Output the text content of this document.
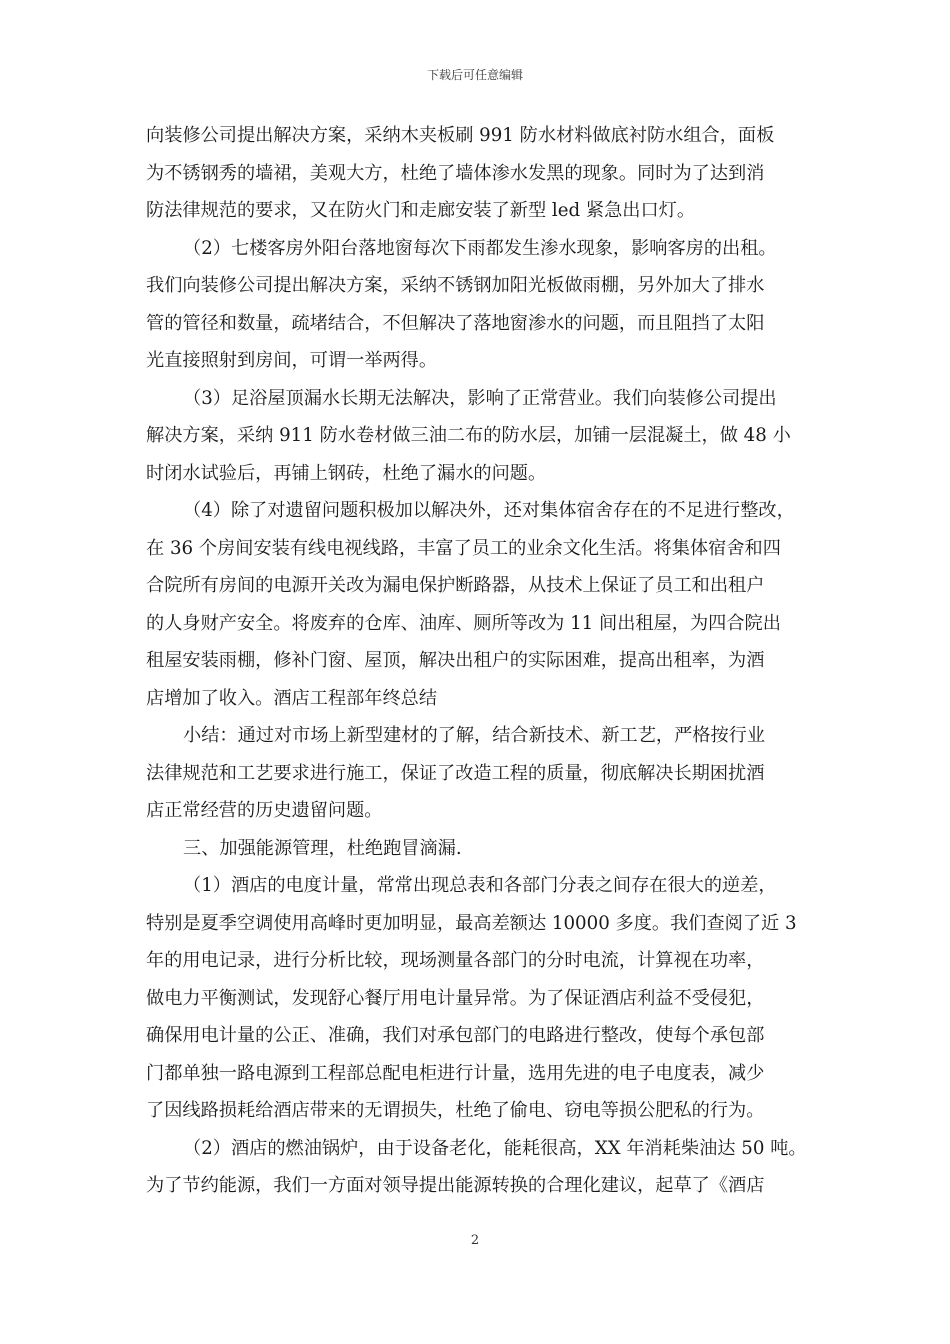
下载后可任意编辑
向装修公司提出解决方案，采纳木夹板刷 991 防水材料做底衬防水组合，面板
为不锈钢秀的墙裙，美观大方，杜绝了墙体渗水发黑的现象。同时为了达到消
防法律规范的要求，又在防火门和走廊安装了新型 led 紧急出口灯。
（2）七楼客房外阳台落地窗每次下雨都发生渗水现象，影响客房的出租。
我们向装修公司提出解决方案，采纳不锈钢加阳光板做雨棚，另外加大了排水
管的管径和数量，疏堵结合，不但解决了落地窗渗水的问题，而且阻挡了太阳
光直接照射到房间，可谓一举两得。
（3）足浴屋顶漏水长期无法解决，影响了正常营业。我们向装修公司提出
解决方案，采纳 911 防水卷材做三油二布的防水层，加铺一层混凝土，做 48 小
时闭水试验后，再铺上钢砖，杜绝了漏水的问题。
（4）除了对遗留问题积极加以解决外，还对集体宿舍存在的不足进行整改，
在 36 个房间安装有线电视线路，丰富了员工的业余文化生活。将集体宿舍和四
合院所有房间的电源开关改为漏电保护断路器，从技术上保证了员工和出租户
的人身财产安全。将废弃的仓库、油库、厕所等改为 11 间出租屋，为四合院出
租屋安装雨棚，修补门窗、屋顶，解决出租户的实际困难，提高出租率，为酒
店增加了收入。酒店工程部年终总结
小结：通过对市场上新型建材的了解，结合新技术、新工艺，严格按行业
法律规范和工艺要求进行施工，保证了改造工程的质量，彻底解决长期困扰酒
店正常经营的历史遗留问题。
三、加强能源管理，杜绝跑冒滴漏.
（1）酒店的电度计量，常常出现总表和各部门分表之间存在很大的逆差，
特别是夏季空调使用高峰时更加明显，最高差额达 10000 多度。我们查阅了近 3
年的用电记录，进行分析比较，现场测量各部门的分时电流，计算视在功率，
做电力平衡测试，发现舒心餐厅用电计量异常。为了保证酒店利益不受侵犯，
确保用电计量的公正、准确，我们对承包部门的电路进行整改，使每个承包部
门都单独一路电源到工程部总配电柜进行计量，选用先进的电子电度表，减少
了因线路损耗给酒店带来的无谓损失，杜绝了偷电、窃电等损公肥私的行为。
（2）酒店的燃油锅炉，由于设备老化，能耗很高，XX 年消耗柴油达 50 吨。
为了节约能源，我们一方面对领导提出能源转换的合理化建议，起草了《酒店
2
